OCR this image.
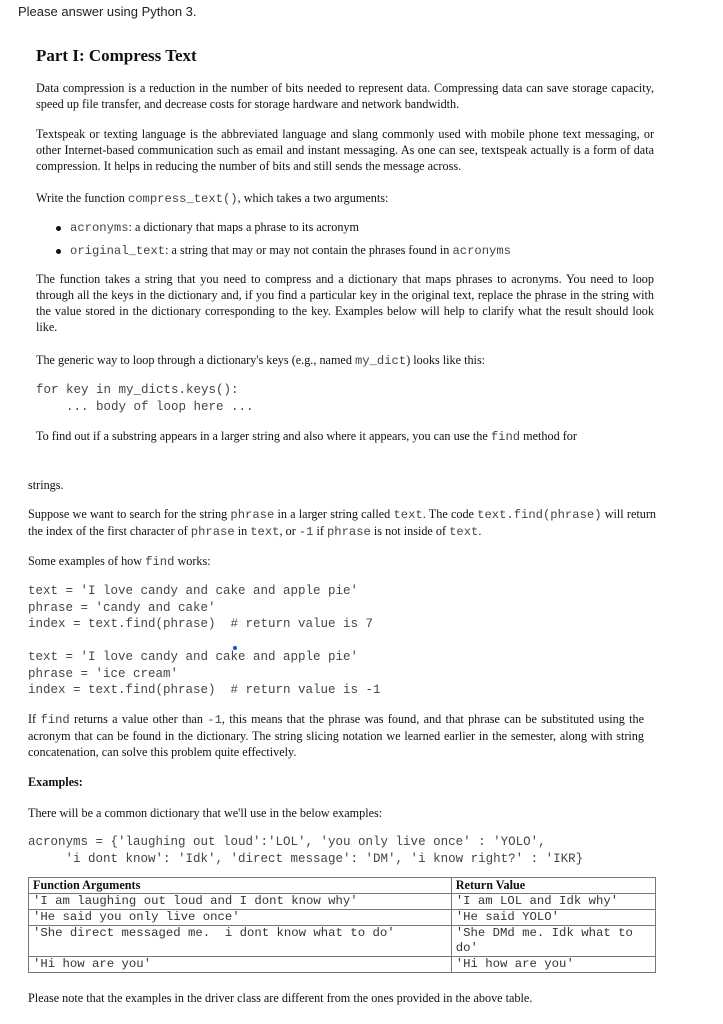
Please answer using Python 3.
Part I: Compress Text
Data compression is a reduction in the number of bits needed to represent data. Compressing data can save storage capacity, speed up file transfer, and decrease costs for storage hardware and network bandwidth.
Textspeak or texting language is the abbreviated language and slang commonly used with mobile phone text messaging, or other Internet-based communication such as email and instant messaging. As one can see, textspeak actually is a form of data compression. It helps in reducing the number of bits and still sends the message across.
Write the function compress_text(), which takes a two arguments:
acronyms: a dictionary that maps a phrase to its acronym
original_text: a string that may or may not contain the phrases found in acronyms
The function takes a string that you need to compress and a dictionary that maps phrases to acronyms. You need to loop through all the keys in the dictionary and, if you find a particular key in the original text, replace the phrase in the string with the value stored in the dictionary corresponding to the key. Examples below will help to clarify what the result should look like.
The generic way to loop through a dictionary's keys (e.g., named my_dict) looks like this:
for key in my_dicts.keys():
... body of loop here ...
To find out if a substring appears in a larger string and also where it appears, you can use the find method for
strings.
Suppose we want to search for the string phrase in a larger string called text. The code text.find(phrase) will return the index of the first character of phrase in text, or -1 if phrase is not inside of text.
Some examples of how find works:
text = 'I love candy and cake and apple pie'
phrase = 'candy and cake'
index = text.find(phrase)  # return value is 7
text = 'I love candy and cake and apple pie'
phrase = 'ice cream'
index = text.find(phrase)  # return value is -1
If find returns a value other than -1, this means that the phrase was found, and that phrase can be substituted using the acronym that can be found in the dictionary. The string slicing notation we learned earlier in the semester, along with string concatenation, can solve this problem quite effectively.
Examples:
There will be a common dictionary that we'll use in the below examples:
acronyms = {'laughing out loud':'LOL', 'you only live once' : 'YOLO',
'i dont know': 'Idk', 'direct message': 'DM', 'i know right?' : 'IKR}
Function Arguments	Return Value
'I am laughing out loud and I dont know why'	'I am LOL and Idk why'
'He said you only live once'	'He said YOLO'
'She direct messaged me.  i dont know what to do'	'She DMd me. Idk what to do'
'Hi how are you'	'Hi how are you'
Please note that the examples in the driver class are different from the ones provided in the above table.
